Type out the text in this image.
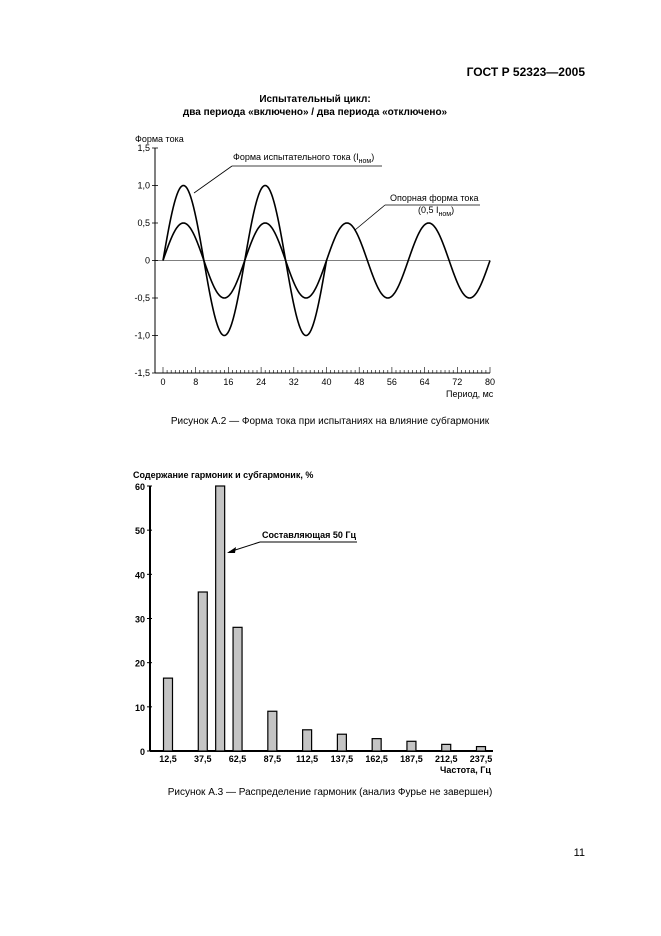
ГОСТ Р 52323—2005
Испытательный цикл:
два периода «включено» / два периода «отключено»
1,5
1,0
0,5
0
-0,5
-1,0
-1,5
0	8	16	24	32	40	48	56	64	72	80
Форма тока
Период, мс
Форма испытательного тока $(I_{ном})$
Опорная форма тока
(0,5 $I_{ном}$)
Рисунок А.2 — Форма тока при испытаниях на влияние субгармоник
60
50
40
30
20
10
0
12,5 37,5 62,5 87,5 112,5 137,5 162,5 187,5 212,5 237,5
Содержание гармоник и субгармоник, %
Частота, Гц
Составляющая 50 Гц
Рисунок А.3 — Распределение гармоник (анализ Фурье не завершен)
11
